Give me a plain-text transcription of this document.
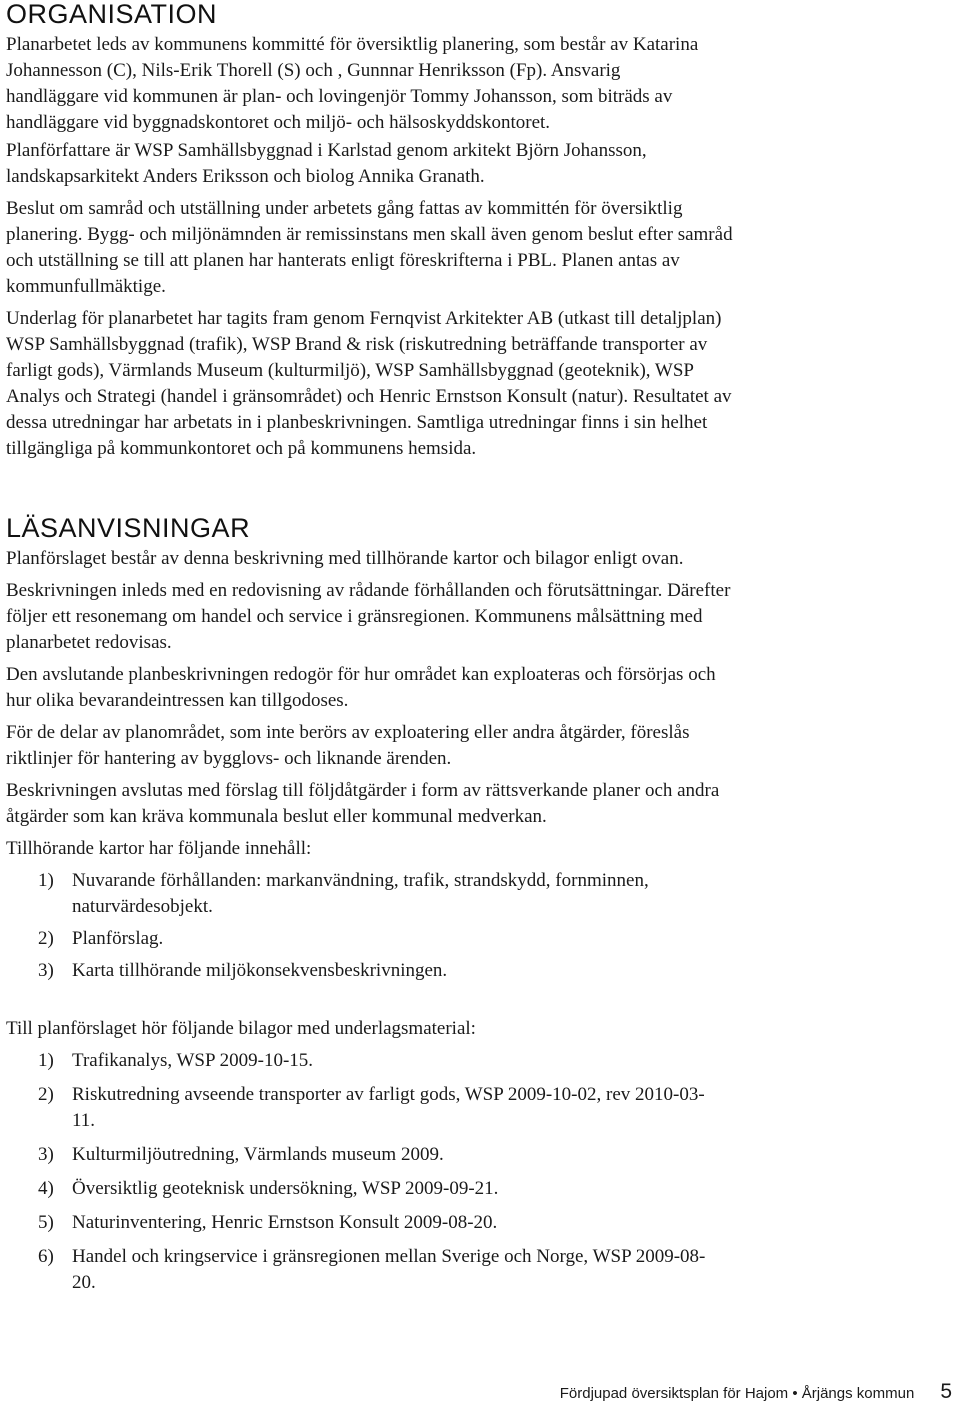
ORGANISATION

Planarbetet leds av kommunens kommitté för översiktlig planering, som består av Katarina Johannesson (C), Nils-Erik Thorell (S) och , Gunnnar Henriksson (Fp). Ansvarig handläggare vid kommunen är plan- och lovingenjör Tommy Johansson, som biträds av handläggare vid byggnadskontoret och miljö- och hälsoskyddskontoret.

Planförfattare är WSP Samhällsbyggnad i Karlstad genom arkitekt Björn Johansson, landskapsarkitekt Anders Eriksson och biolog Annika Granath.

Beslut om samråd och utställning under arbetets gång fattas av kommittén för översiktlig planering. Bygg- och miljönämnden är remissinstans men skall även genom beslut efter samråd och utställning se till att planen har hanterats enligt föreskrifterna i PBL. Planen antas av kommunfullmäktige.

Underlag för planarbetet har tagits fram genom Fernqvist Arkitekter AB (utkast till detaljplan) WSP Samhällsbyggnad (trafik), WSP Brand & risk (riskutredning beträffande transporter av farligt gods), Värmlands Museum (kulturmiljö), WSP Samhällsbyggnad (geoteknik), WSP Analys och Strategi (handel i gränsområdet) och Henric Ernstson Konsult (natur). Resultatet av dessa utredningar har arbetats in i planbeskrivningen. Samtliga utredningar finns i sin helhet tillgängliga på kommunkontoret och på kommunens hemsida.

LÄSANVISNINGAR

Planförslaget består av denna beskrivning med tillhörande kartor och bilagor enligt ovan.

Beskrivningen inleds med en redovisning av rådande förhållanden och förutsättningar. Därefter följer ett resonemang om handel och service i gränsregionen. Kommunens målsättning med planarbetet redovisas.

Den avslutande planbeskrivningen redogör för hur området kan exploateras och försörjas och hur olika bevarandeintressen kan tillgodoses.

För de delar av planområdet, som inte berörs av exploatering eller andra åtgärder, föreslås riktlinjer för hantering av bygglovs- och liknande ärenden.

Beskrivningen avslutas med förslag till följdåtgärder i form av rättsverkande planer och andra åtgärder som kan kräva kommunala beslut eller kommunal medverkan.

Tillhörande kartor har följande innehåll:

1) Nuvarande förhållanden: markanvändning, trafik, strandskydd, fornminnen, naturvärdesobjekt.
2) Planförslag.
3) Karta tillhörande miljökonsekvensbeskrivningen.

Till planförslaget hör följande bilagor med underlagsmaterial:

1) Trafikanalys, WSP 2009-10-15.
2) Riskutredning avseende transporter av farligt gods, WSP 2009-10-02, rev 2010-03-11.
3) Kulturmiljöutredning, Värmlands museum 2009.
4) Översiktlig geoteknisk undersökning, WSP 2009-09-21.
5) Naturinventering, Henric Ernstson Konsult 2009-08-20.
6) Handel och kringservice i gränsregionen mellan Sverige och Norge, WSP 2009-08-20.
Fördjupad översiktsplan för Hajom • Årjängs kommun 5
